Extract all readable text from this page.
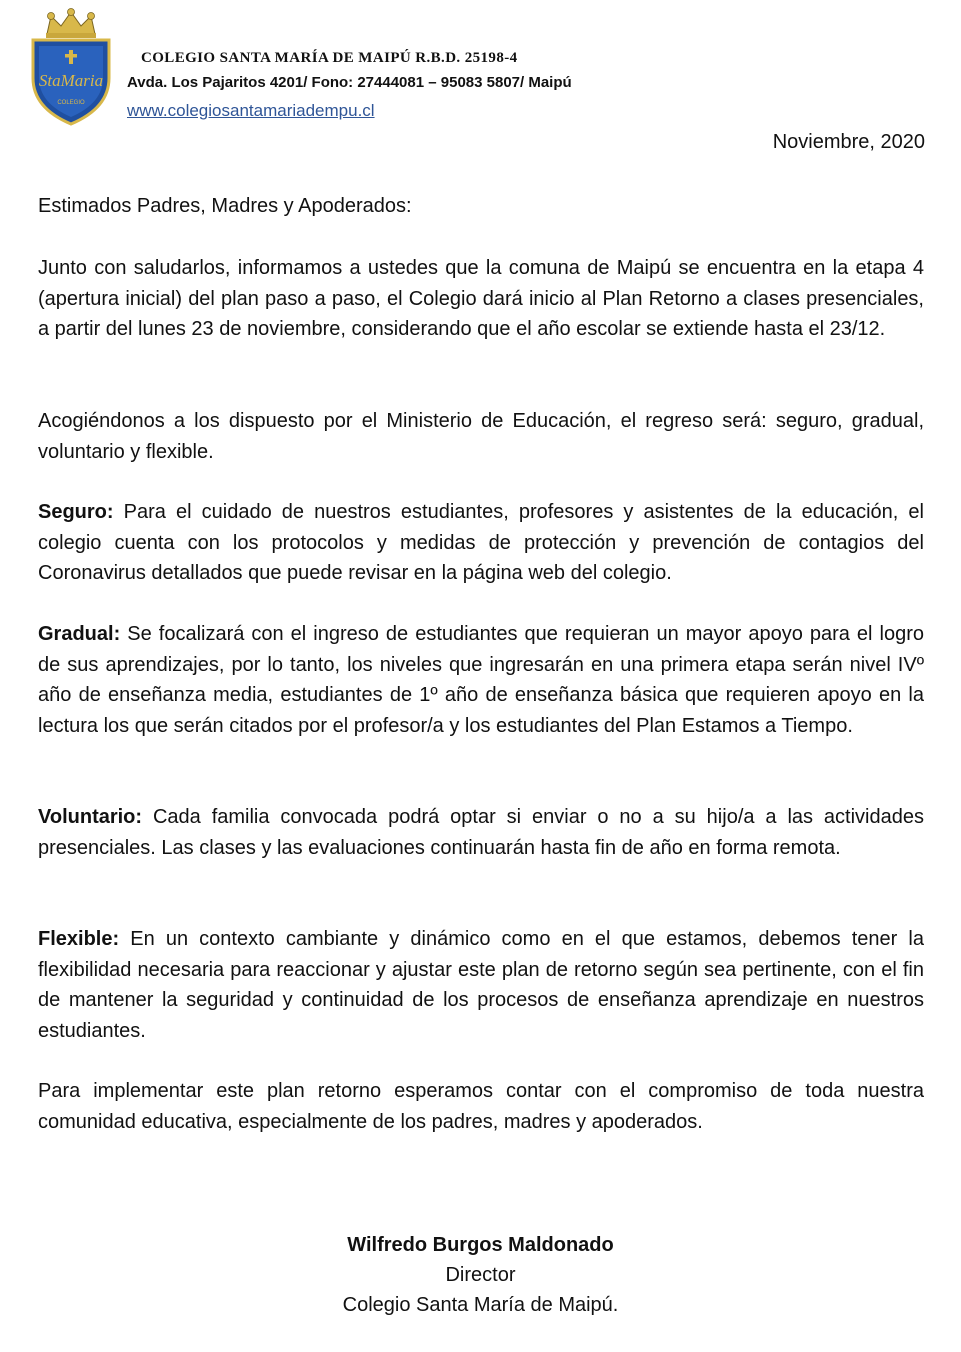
StaMaria
COLEGIO
COLEGIO SANTA MARÍA DE MAIPÚ R.B.D. 25198-4
Avda. Los Pajaritos 4201/ Fono: 27444081 – 95083 5807/ Maipú
www.colegiosantamariadempu.cl
Noviembre, 2020
Estimados Padres, Madres y Apoderados:
Junto con saludarlos, informamos a ustedes que la comuna de Maipú se encuentra en la etapa 4 (apertura inicial) del plan paso a paso, el Colegio dará inicio al Plan Retorno a clases presenciales, a partir del lunes 23 de noviembre, considerando que el año escolar se extiende hasta el 23/12.
Acogiéndonos a los dispuesto por el Ministerio de Educación, el regreso será: seguro, gradual, voluntario y flexible.
Seguro: Para el cuidado de nuestros estudiantes, profesores y asistentes de la educación, el colegio cuenta con los protocolos y medidas de protección y prevención de contagios del Coronavirus detallados que puede revisar en la página web del colegio.
Gradual: Se focalizará con el ingreso de estudiantes que requieran un mayor apoyo para el logro de sus aprendizajes, por lo tanto, los niveles que ingresarán en una primera etapa serán nivel IVº año de enseñanza media, estudiantes de 1º año de enseñanza básica que requieren apoyo en la lectura los que serán citados por el profesor/a y los estudiantes del Plan Estamos a Tiempo.
Voluntario: Cada familia convocada podrá optar si enviar o no a su hijo/a a las actividades presenciales. Las clases y las evaluaciones continuarán hasta fin de año en forma remota.
Flexible: En un contexto cambiante y dinámico como en el que estamos, debemos tener la flexibilidad necesaria para reaccionar y ajustar este plan de retorno según sea pertinente, con el fin de mantener la seguridad y continuidad de los procesos de enseñanza aprendizaje en nuestros estudiantes.
Para implementar este plan retorno esperamos contar con el compromiso de toda nuestra comunidad educativa, especialmente de los padres, madres y apoderados.
Wilfredo Burgos Maldonado
Director
Colegio Santa María de Maipú.
